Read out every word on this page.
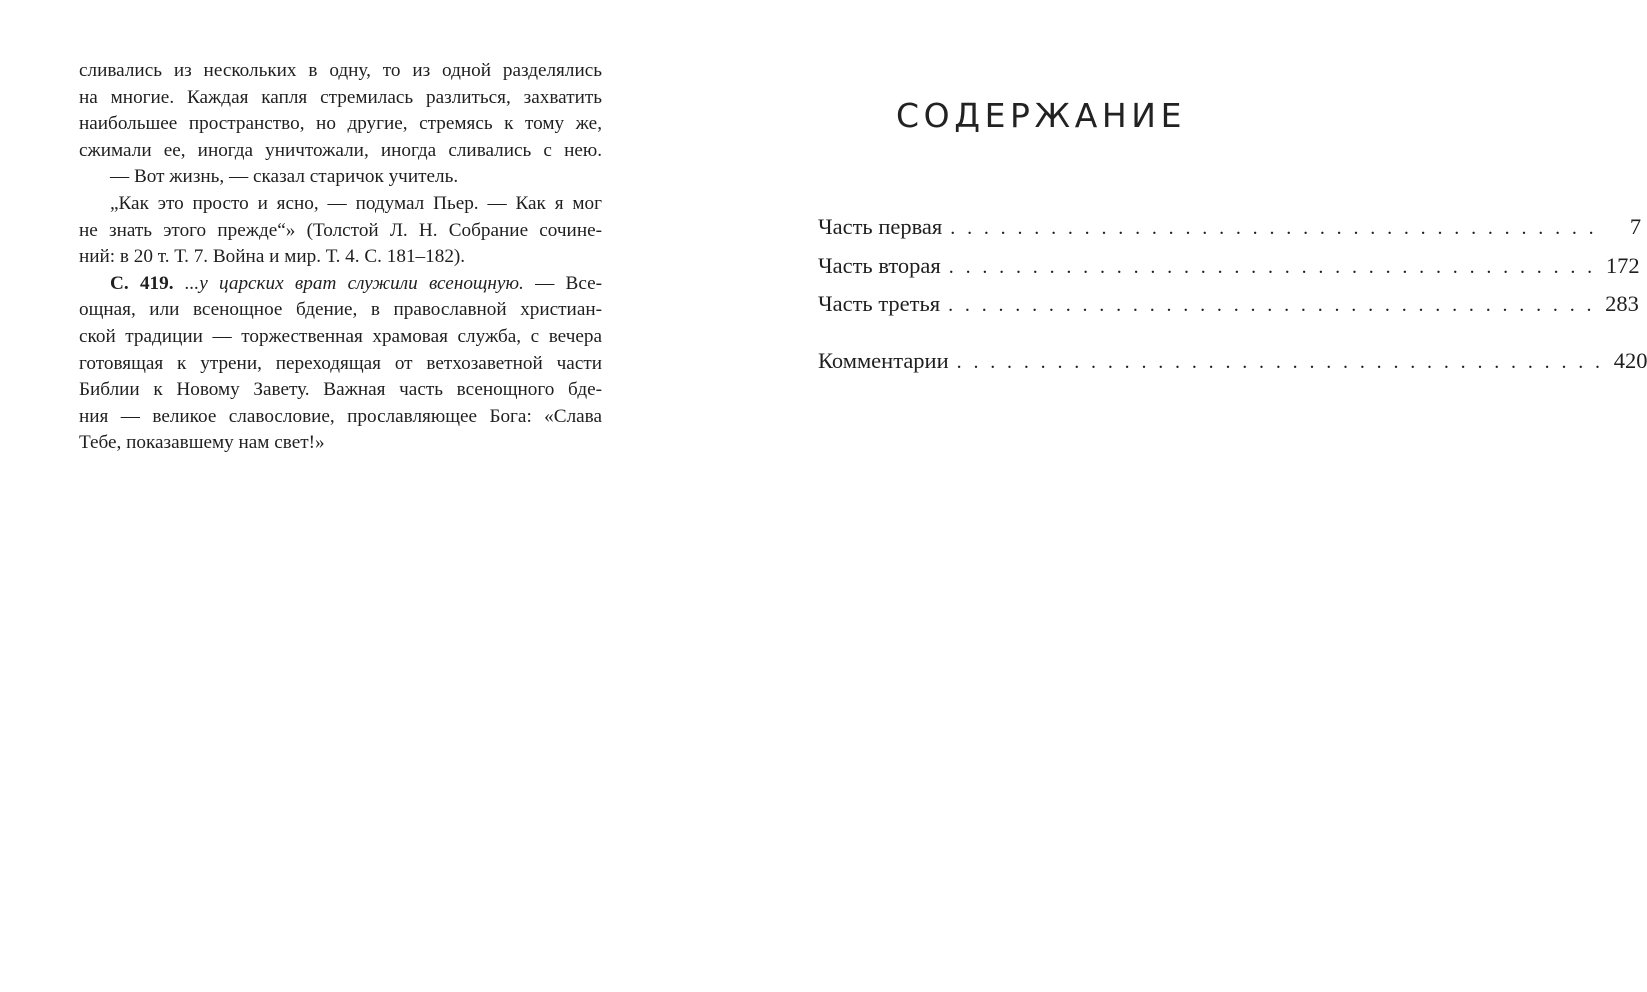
сливались из нескольких в одну, то из одной разделялись
на многие. Каждая капля стремилась разлиться, захватить
наибольшее пространство, но другие, стремясь к тому же,
сжимали ее, иногда уничтожали, иногда сливались с нею.
— Вот жизнь, — сказал старичок учитель.
„Как это просто и ясно, — подумал Пьер. — Как я мог
не знать этого прежде“» (Толстой Л. Н. Собрание сочине-
ний: в 20 т. Т. 7. Война и мир. Т. 4. С. 181–182).
С. 419. ...у царских врат служили всенощную. — Все-
ощная, или всенощное бдение, в православной христиан-
ской традиции — торжественная храмовая служба, с вечера
готовящая к утрени, переходящая от ветхозаветной части
Библии к Новому Завету. Важная часть всенощного бде-
ния — великое славословие, прославляющее Бога: «Слава
Тебе, показавшему нам свет!»
СОДЕРЖАНИЕ
Часть первая . . . . . . . . . . . . . . . . . . . . . . . . . . . . . . . . . . . . . . .	7
Часть вторая . . . . . . . . . . . . . . . . . . . . . . . . . . . . . . . . . . . . . . . 172
Часть третья . . . . . . . . . . . . . . . . . . . . . . . . . . . . . . . . . . . . . . . 283
Комментарии . . . . . . . . . . . . . . . . . . . . . . . . . . . . . . . . . . . . . . . 420
